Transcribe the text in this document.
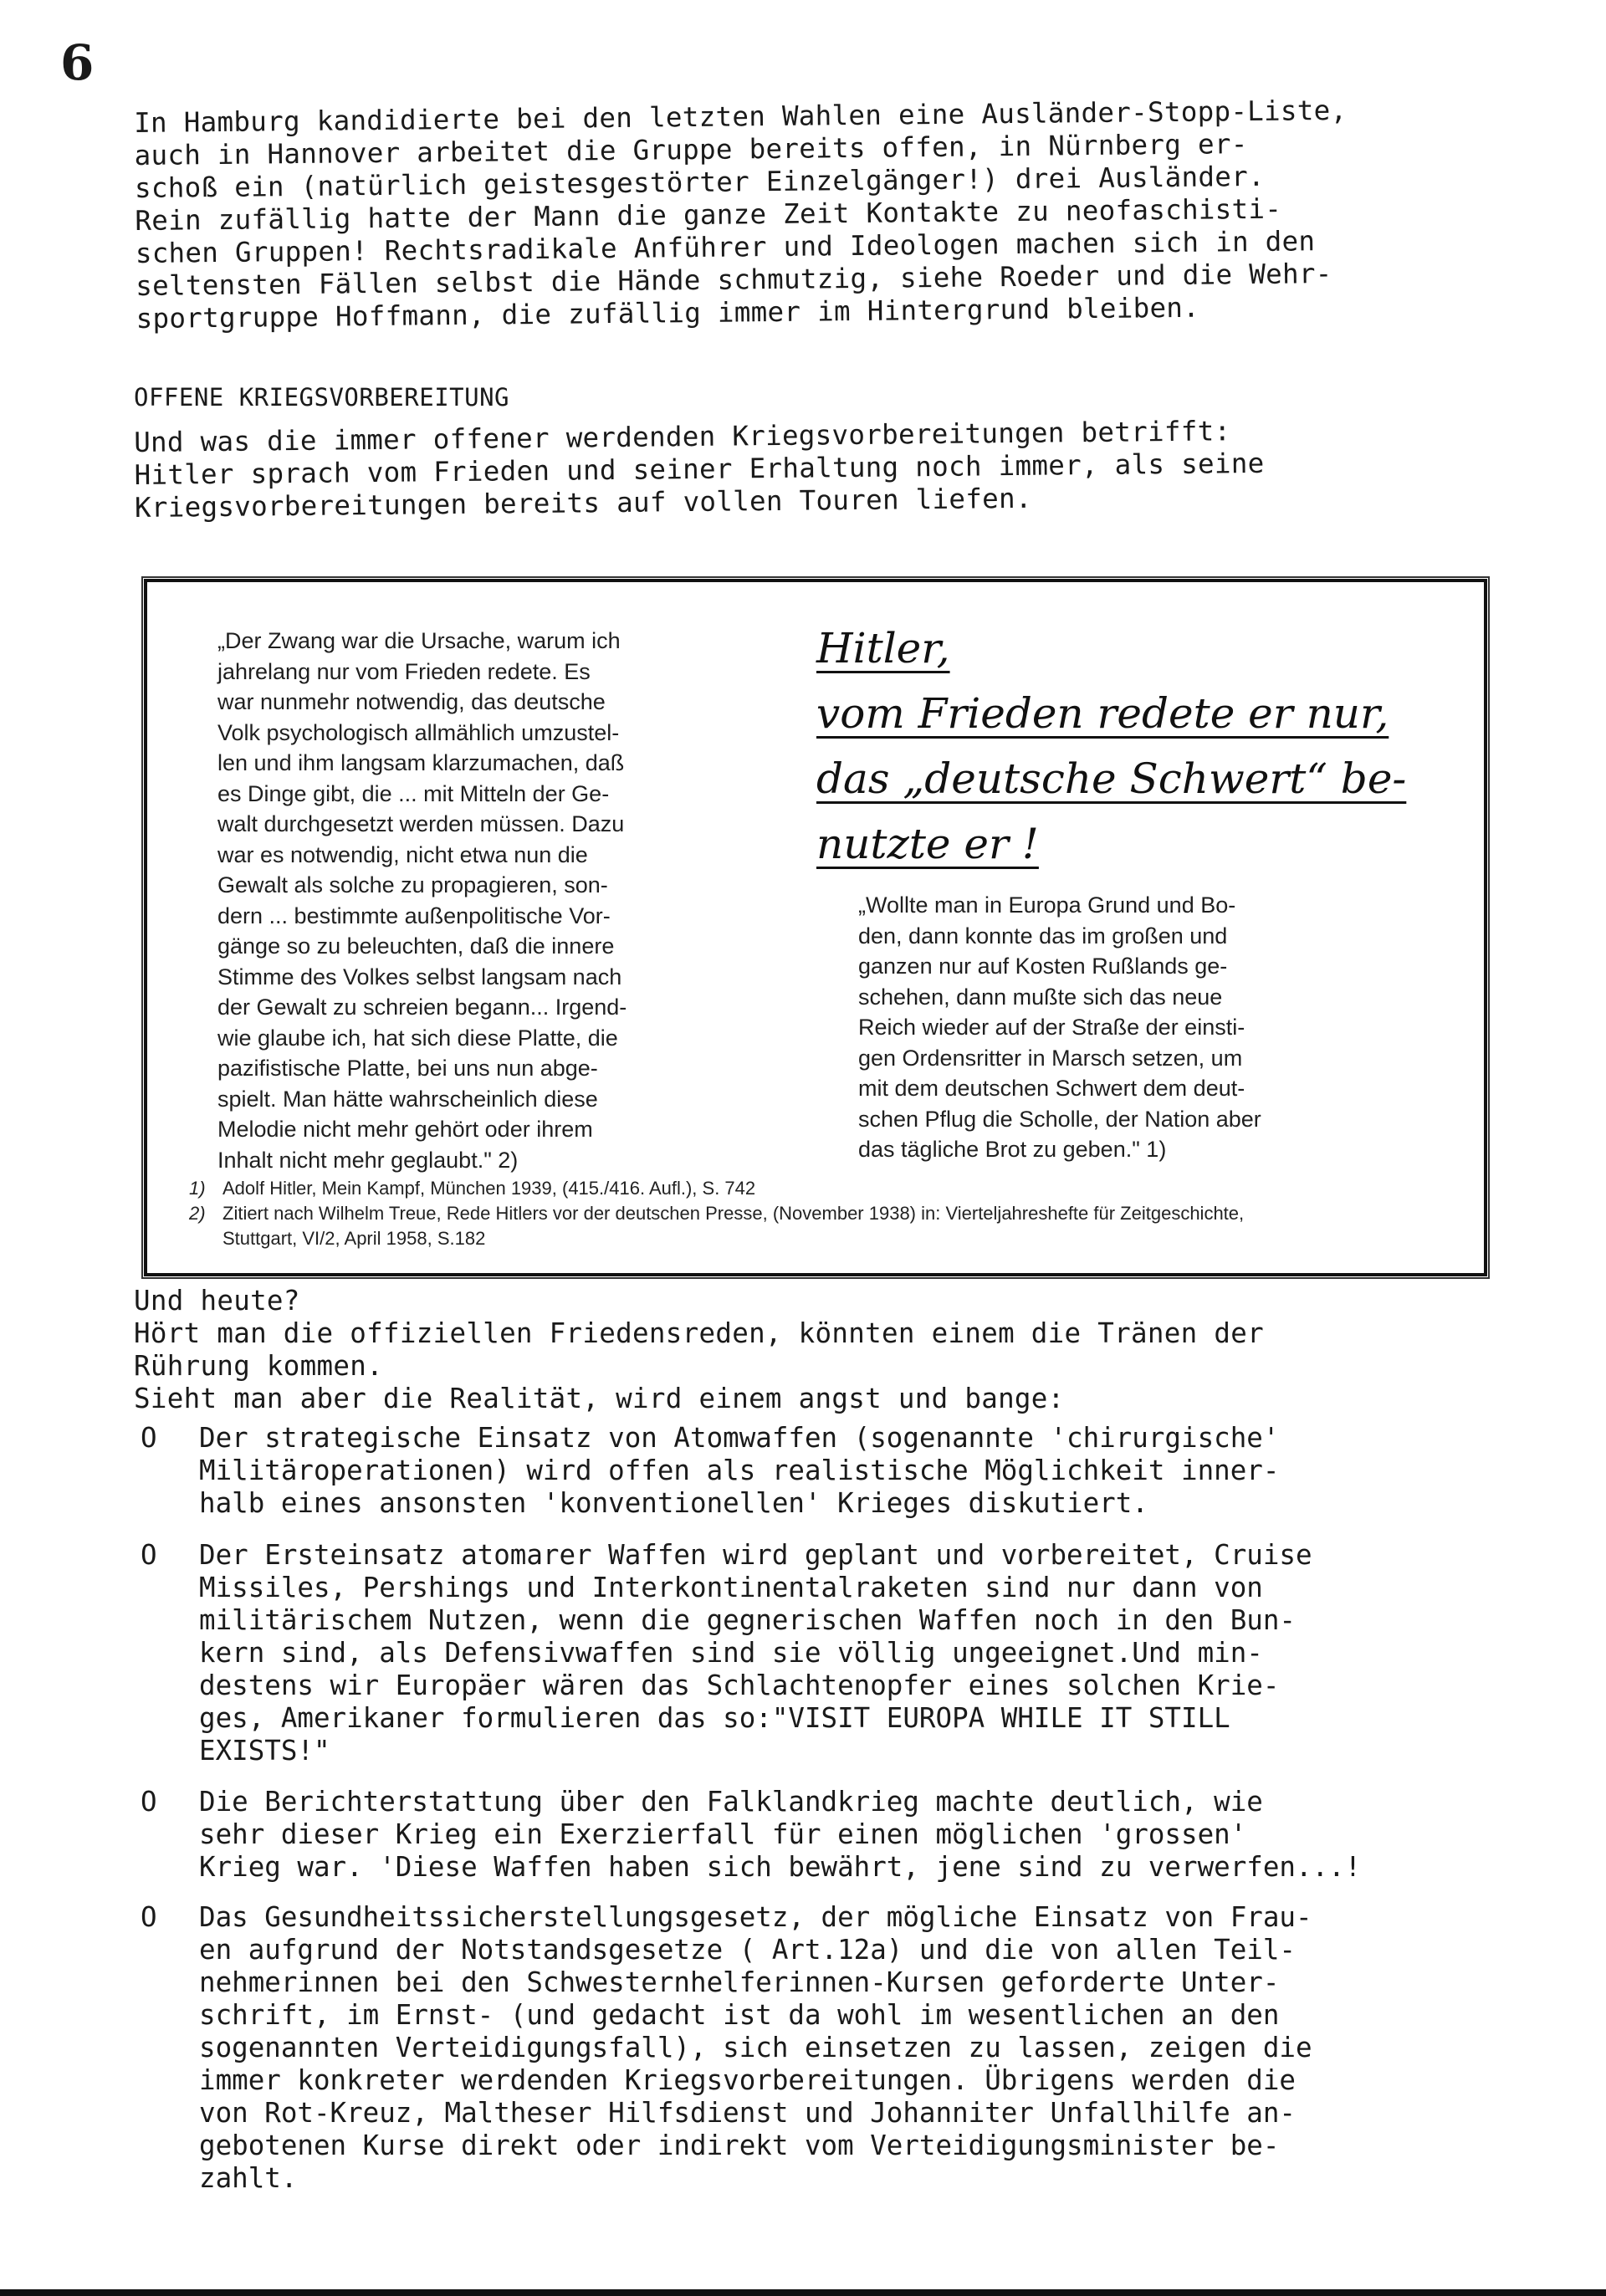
6

In Hamburg kandidierte bei den letzten Wahlen eine Ausländer-Stopp-Liste,

auch in Hannover arbeitet die Gruppe bereits offen, in Nürnberg er-

schoß ein (natürlich geistesgestörter Einzelgänger!) drei Ausländer.

Rein zufällig hatte der Mann die ganze Zeit Kontakte zu neofaschisti-

schen Gruppen! Rechtsradikale Anführer und Ideologen machen sich in den

seltensten Fällen selbst die Hände schmutzig, siehe Roeder und die Wehr-

sportgruppe Hoffmann, die zufällig immer im Hintergrund bleiben.

OFFENE KRIEGSVORBEREITUNG

Und was die immer offener werdenden Kriegsvorbereitungen betrifft:

Hitler sprach vom Frieden und seiner Erhaltung noch immer, als seine

Kriegsvorbereitungen bereits auf vollen Touren liefen.

„Der Zwang war die Ursache, warum ich
jahrelang nur vom Frieden redete. Es
war nunmehr notwendig, das deutsche
Volk psychologisch allmählich umzustel-
len und ihm langsam klarzumachen, daß
es Dinge gibt, die ... mit Mitteln der Ge-
walt durchgesetzt werden müssen. Dazu
war es notwendig, nicht etwa nun die
Gewalt als solche zu propagieren, son-
dern ... bestimmte außenpolitische Vor-
gänge so zu beleuchten, daß die innere
Stimme des Volkes selbst langsam nach
der Gewalt zu schreien begann... Irgend-
wie glaube ich, hat sich diese Platte, die
pazifistische Platte, bei uns nun abge-
spielt. Man hätte wahrscheinlich diese
Melodie nicht mehr gehört oder ihrem
Inhalt nicht mehr geglaubt." 2)
Hitler,
vom Frieden redete er nur,
das „deutsche Schwert“ be-
nutzte er !
„Wollte man in Europa Grund und Bo-
den, dann konnte das im großen und
ganzen nur auf Kosten Rußlands ge-
schehen, dann mußte sich das neue
Reich wieder auf der Straße der einsti-
gen Ordensritter in Marsch setzen, um
mit dem deutschen Schwert dem deut-
schen Pflug die Scholle, der Nation aber
das tägliche Brot zu geben." 1)
1) Adolf Hitler, Mein Kampf, München 1939, (415./416. Aufl.), S. 742
2) Zitiert nach Wilhelm Treue, Rede Hitlers vor der deutschen Presse, (November 1938) in: Vierteljahreshefte für Zeitgeschichte,
Stuttgart, VI/2, April 1958, S.182

Und heute?

Hört man die offiziellen Friedensreden, könnten einem die Tränen der

Rührung kommen.

Sieht man aber die Realität, wird einem angst und bange:

O Der strategische Einsatz von Atomwaffen (sogenannte 'chirurgische'
Militäroperationen) wird offen als realistische Möglichkeit inner-
halb eines ansonsten 'konventionellen' Krieges diskutiert.
O Der Ersteinsatz atomarer Waffen wird geplant und vorbereitet, Cruise
Missiles, Pershings und Interkontinentalraketen sind nur dann von
militärischem Nutzen, wenn die gegnerischen Waffen noch in den Bun-
kern sind, als Defensivwaffen sind sie völlig ungeeignet.Und min-
destens wir Europäer wären das Schlachtenopfer eines solchen Krie-
ges, Amerikaner formulieren das so:"VISIT EUROPA WHILE IT STILL
EXISTS!"
O Die Berichterstattung über den Falklandkrieg machte deutlich, wie
sehr dieser Krieg ein Exerzierfall für einen möglichen 'grossen'
Krieg war. 'Diese Waffen haben sich bewährt, jene sind zu verwerfen...!
O Das Gesundheitssicherstellungsgesetz, der mögliche Einsatz von Frau-
en aufgrund der Notstandsgesetze ( Art.12a) und die von allen Teil-
nehmerinnen bei den Schwesternhelferinnen-Kursen geforderte Unter-
schrift, im Ernst- (und gedacht ist da wohl im wesentlichen an den
sogenannten Verteidigungsfall), sich einsetzen zu lassen, zeigen die
immer konkreter werdenden Kriegsvorbereitungen. Übrigens werden die
von Rot-Kreuz, Maltheser Hilfsdienst und Johanniter Unfallhilfe an-
gebotenen Kurse direkt oder indirekt vom Verteidigungsminister be-
zahlt.
